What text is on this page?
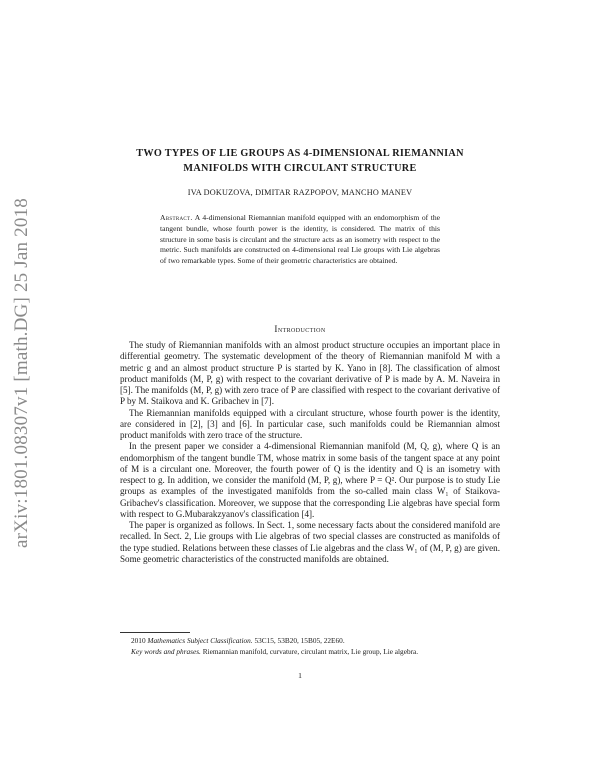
arXiv:1801.08307v1 [math.DG] 25 Jan 2018
TWO TYPES OF LIE GROUPS AS 4-DIMENSIONAL RIEMANNIAN
MANIFOLDS WITH CIRCULANT STRUCTURE
IVA DOKUZOVA, DIMITAR RAZPOPOV, MANCHO MANEV
Abstract. A 4-dimensional Riemannian manifold equipped with an endomorphism of the tangent bundle, whose fourth power is the identity, is considered. The matrix of this structure in some basis is circulant and the structure acts as an isometry with respect to the metric. Such manifolds are constructed on 4-dimensional real Lie groups with Lie algebras of two remarkable types. Some of their geometric characteristics are obtained.
Introduction

The study of Riemannian manifolds with an almost product structure occupies an important place in differential geometry. The systematic development of the theory of Riemannian manifold M with a metric g and an almost product structure P is started by K. Yano in [8]. The classification of almost product manifolds (M, P, g) with respect to the covariant derivative of P is made by A. M. Naveira in [5]. The manifolds (M, P, g) with zero trace of P are classified with respect to the covariant derivative of P by M. Staikova and K. Gribachev in [7].

The Riemannian manifolds equipped with a circulant structure, whose fourth power is the identity, are considered in [2], [3] and [6]. In particular case, such manifolds could be Riemannian almost product manifolds with zero trace of the structure.

In the present paper we consider a 4-dimensional Riemannian manifold (M, Q, g), where Q is an endomorphism of the tangent bundle TM, whose matrix in some basis of the tangent space at any point of M is a circulant one. Moreover, the fourth power of Q is the identity and Q is an isometry with respect to g. In addition, we consider the manifold (M, P, g), where P = Q². Our purpose is to study Lie groups as examples of the investigated manifolds from the so-called main class W₁ of Staikova-Gribachev's classification. Moreover, we suppose that the corresponding Lie algebras have special form with respect to G.Mubarakzyanov's classification [4].

The paper is organized as follows. In Sect. 1, some necessary facts about the considered manifold are recalled. In Sect. 2, Lie groups with Lie algebras of two special classes are constructed as manifolds of the type studied. Relations between these classes of Lie algebras and the class W₁ of (M, P, g) are given. Some geometric characteristics of the constructed manifolds are obtained.

2010 Mathematics Subject Classification. 53C15, 53B20, 15B05, 22E60.

Key words and phrases. Riemannian manifold, curvature, circulant matrix, Lie group, Lie algebra.

1
